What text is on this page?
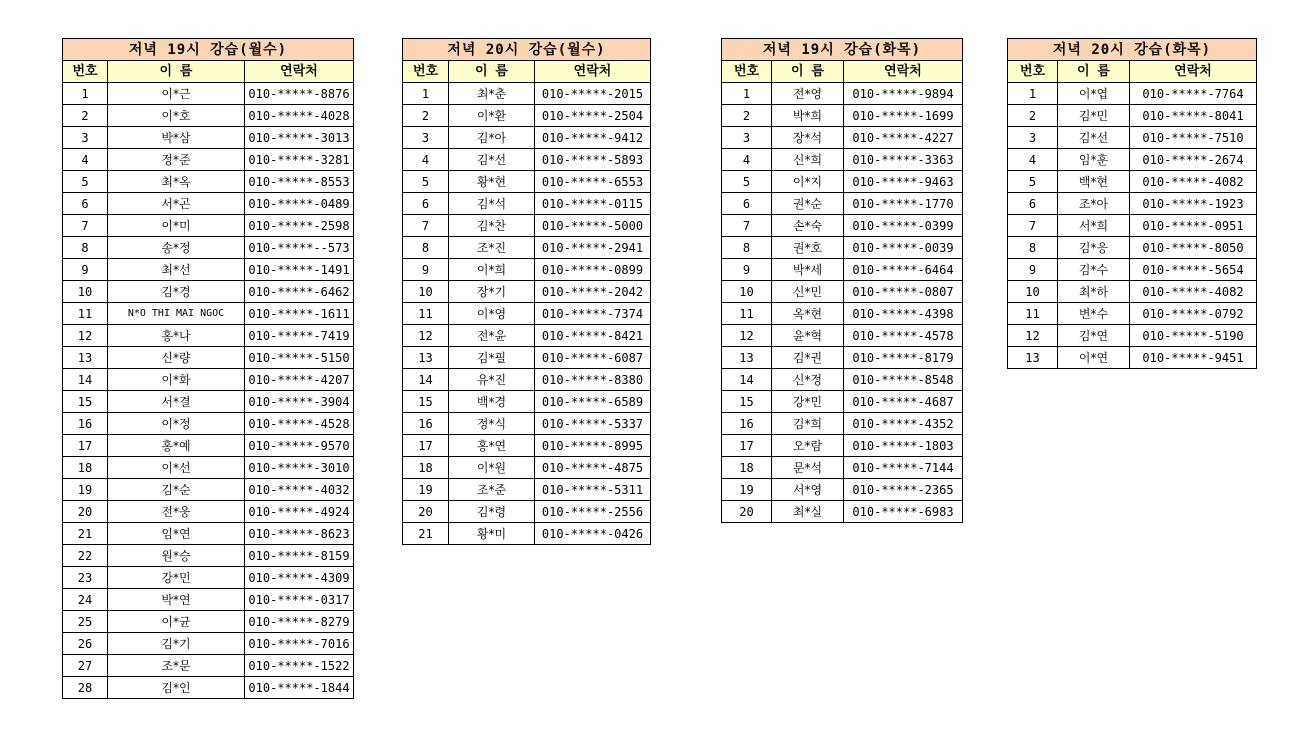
저녁 19시 강습(월수)		
번호	이 름	연락처
1	이*근	010-*****-8876
2	이*호	010-*****-4028
3	박*삼	010-*****-3013
4	정*준	010-*****-3281
5	최*옥	010-*****-8553
6	서*곤	010-*****-0489
7	이*미	010-*****-2598
8	송*정	010-*****--573
9	최*선	010-*****-1491
10	김*경	010-*****-6462
11	N*O THI MAI NGOC	010-*****-1611
12	홍*나	010-*****-7419
13	신*량	010-*****-5150
14	이*화	010-*****-4207
15	서*결	010-*****-3904
16	이*정	010-*****-4528
17	홍*예	010-*****-9570
18	이*선	010-*****-3010
19	김*순	010-*****-4032
20	전*웅	010-*****-4924
21	임*연	010-*****-8623
22	원*승	010-*****-8159
23	강*민	010-*****-4309
24	박*연	010-*****-0317
25	이*균	010-*****-8279
26	김*기	010-*****-7016
27	조*문	010-*****-1522
28	김*인	010-*****-1844
저녁 20시 강습(월수)		
번호	이 름	연락처
1	최*춘	010-*****-2015
2	이*환	010-*****-2504
3	김*아	010-*****-9412
4	김*선	010-*****-5893
5	황*현	010-*****-6553
6	김*석	010-*****-0115
7	김*찬	010-*****-5000
8	조*진	010-*****-2941
9	이*희	010-*****-0899
10	장*기	010-*****-2042
11	이*영	010-*****-7374
12	전*윤	010-*****-8421
13	김*필	010-*****-6087
14	유*진	010-*****-8380
15	백*경	010-*****-6589
16	정*식	010-*****-5337
17	홍*연	010-*****-8995
18	이*원	010-*****-4875
19	조*준	010-*****-5311
20	김*령	010-*****-2556
21	황*미	010-*****-0426
저녁 19시 강습(화목)		
번호	이 름	연락처
1	전*영	010-*****-9894
2	박*희	010-*****-1699
3	장*석	010-*****-4227
4	신*희	010-*****-3363
5	이*지	010-*****-9463
6	권*순	010-*****-1770
7	손*숙	010-*****-0399
8	권*호	010-*****-0039
9	박*세	010-*****-6464
10	신*민	010-*****-0807
11	옥*현	010-*****-4398
12	윤*혁	010-*****-4578
13	김*권	010-*****-8179
14	신*정	010-*****-8548
15	강*민	010-*****-4687
16	김*희	010-*****-4352
17	오*람	010-*****-1803
18	문*석	010-*****-7144
19	서*영	010-*****-2365
20	최*실	010-*****-6983
저녁 20시 강습(화목)		
번호	이 름	연락처
1	이*엽	010-*****-7764
2	김*민	010-*****-8041
3	김*선	010-*****-7510
4	임*훈	010-*****-2674
5	백*현	010-*****-4082
6	조*아	010-*****-1923
7	서*희	010-*****-0951
8	김*응	010-*****-8050
9	김*수	010-*****-5654
10	최*하	010-*****-4082
11	변*수	010-*****-0792
12	김*연	010-*****-5190
13	이*연	010-*****-9451
